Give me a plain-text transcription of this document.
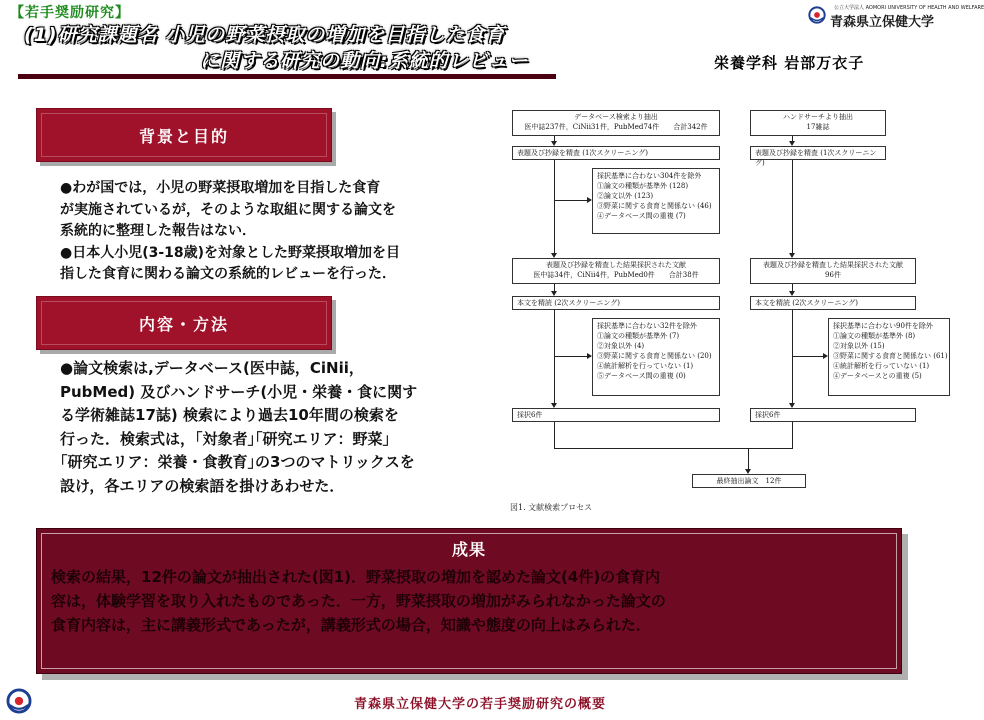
【若手奨励研究】
(1)研究課題名 小児の野菜摂取の増加を目指した食育
に関する研究の動向:系統的レビュー	栄養学科 岩部万衣子
公立大学法人 AOMORI UNIVERSITY OF HEALTH AND WELFARE
青森県立保健大学
背景と目的
●わが国では，小児の野菜摂取増加を目指した食育
が実施されているが，そのような取組に関する論文を
系統的に整理した報告はない．
●日本人小児(3-18歳)を対象とした野菜摂取増加を目
指した食育に関わる論文の系統的レビューを行った．
内容・方法
●論文検索は,データベース(医中誌，CiNii，
PubMed) 及びハンドサーチ(小児・栄養・食に関す
る学術雑誌17誌) 検索により過去10年間の検索を
行った．検索式は，｢対象者｣｢研究エリア：野菜｣
｢研究エリア：栄養・食教育｣の3つのマトリックスを
設け，各エリアの検索語を掛けあわせた．
データベース検索より抽出
医中誌237件，CiNii31件，PubMed74件　　合計342件
ハンドサーチより抽出
17雑誌
表題及び抄録を精査 (1次スクリーニング)	表題及び抄録を精査 (1次スクリーニング)
採択基準に合わない304件を除外
①論文の種類が基準外 (128)
②論文以外 (123)
③野菜に関する食育と関係ない (46)
④データベース間の重複 (7)
表題及び抄録を精査した結果採択された文献
医中誌34件，CiNii4件，PubMed0件　　合計38件
表題及び抄録を精査した結果採択された文献
96件
本文を精読 (2次スクリーニング)	本文を精読 (2次スクリーニング)
採択基準に合わない32件を除外
①論文の種類が基準外 (7)
②対象以外 (4)
③野菜に関する食育と関係ない (20)
④統計解析を行っていない (1)
⑤データベース間の重複 (0)
採択基準に合わない90件を除外
①論文の種類が基準外 (8)
②対象以外 (15)
③野菜に関する食育と関係ない (61)
④統計解析を行っていない (1)
④データベースとの重複 (5)
採択6件	採択6件
最終抽出論文　12件
図1. 文献検索プロセス
成果
検索の結果，12件の論文が抽出された(図1)．野菜摂取の増加を認めた論文(4件)の食育内
容は，体験学習を取り入れたものであった．一方，野菜摂取の増加がみられなかった論文の
食育内容は，主に講義形式であったが，講義形式の場合，知識や態度の向上はみられた．
青森県立保健大学の若手奨励研究の概要
